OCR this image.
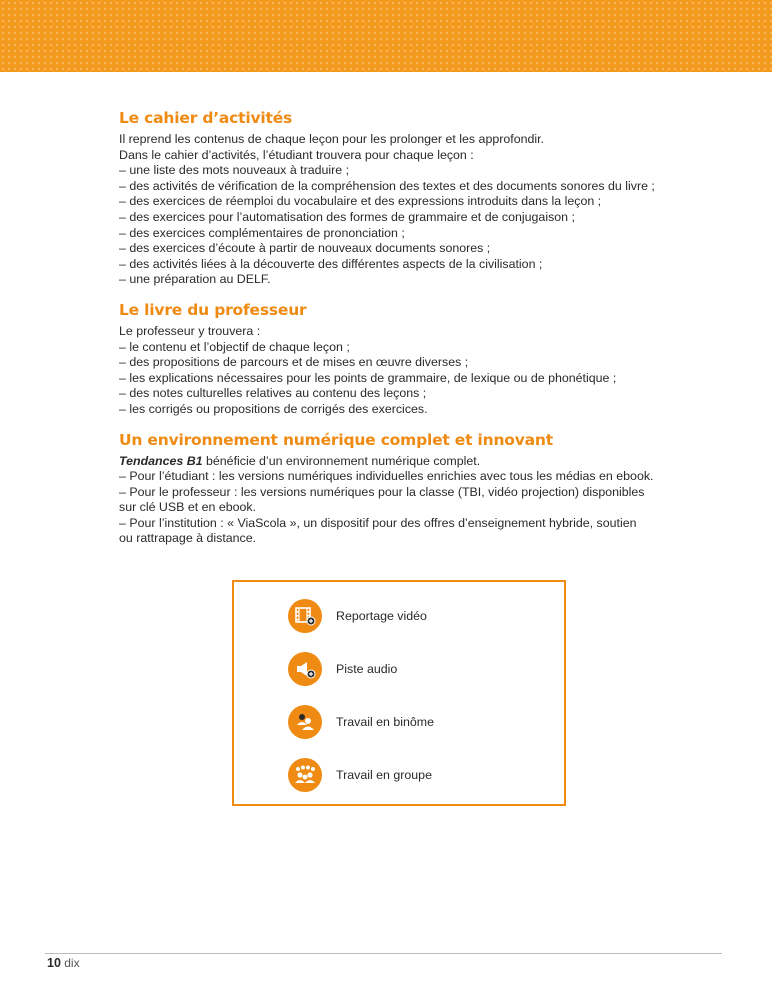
Le cahier d’activités
Il reprend les contenus de chaque leçon pour les prolonger et les approfondir.
Dans le cahier d’activités, l’étudiant trouvera pour chaque leçon :
– une liste des mots nouveaux à traduire ;
– des activités de vérification de la compréhension des textes et des documents sonores du livre ;
– des exercices de réemploi du vocabulaire et des expressions introduits dans la leçon ;
– des exercices pour l’automatisation des formes de grammaire et de conjugaison ;
– des exercices complémentaires de prononciation ;
– des exercices d’écoute à partir de nouveaux documents sonores ;
– des activités liées à la découverte des différentes aspects de la civilisation ;
– une préparation au DELF.
Le livre du professeur
Le professeur y trouvera :
– le contenu et l’objectif de chaque leçon ;
– des propositions de parcours et de mises en œuvre diverses ;
– les explications nécessaires pour les points de grammaire, de lexique ou de phonétique ;
– des notes culturelles relatives au contenu des leçons ;
– les corrigés ou propositions de corrigés des exercices.
Un environnement numérique complet et innovant
Tendances B1 bénéficie d’un environnement numérique complet.
– Pour l’étudiant : les versions numériques individuelles enrichies avec tous les médias en ebook.
– Pour le professeur : les versions numériques pour la classe (TBI, vidéo projection) disponibles
sur clé USB et en ebook.
– Pour l’institution : « ViaScola », un dispositif pour des offres d’enseignement hybride, soutien
ou rattrapage à distance.
Reportage vidéo
Piste audio
Travail en binôme
Travail en groupe
10 dix
